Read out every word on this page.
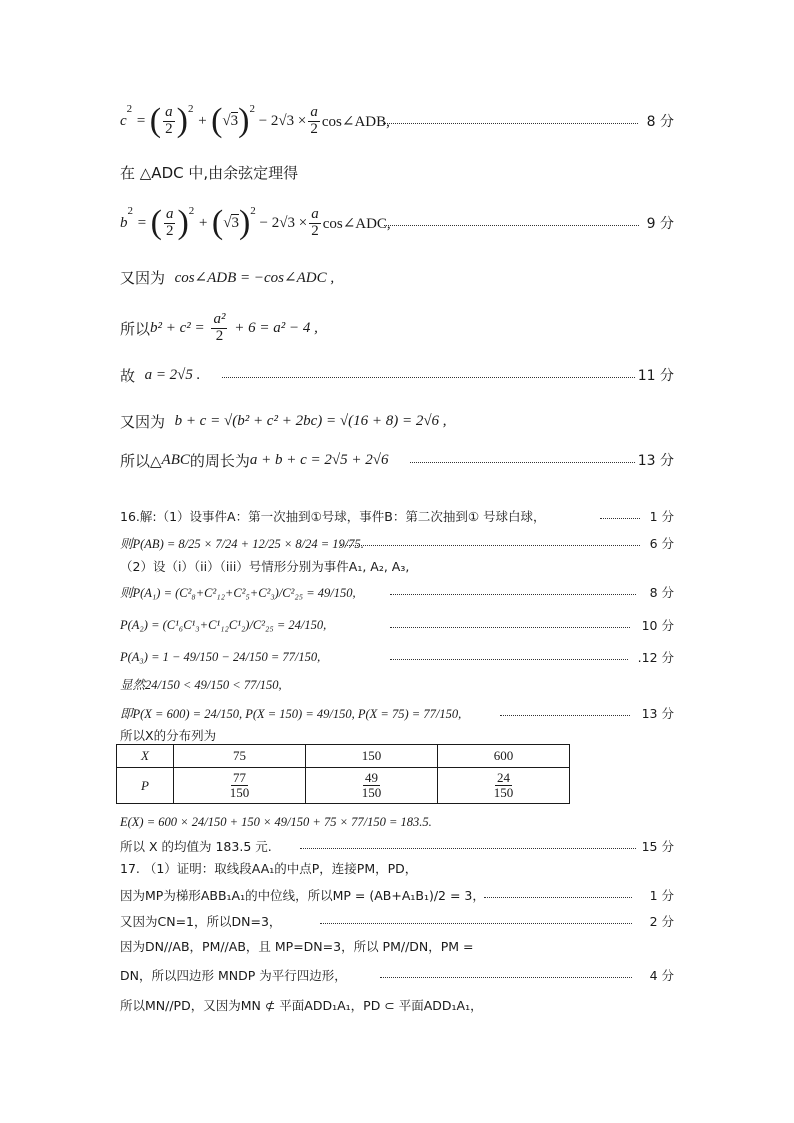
c
2
= ( $\frac{a}{2}$ ) 2
+ ( √ 3 ) 2

− $2√3 \times \frac{a}{2}$ cos∠ADB,	8 分
在 △ADC 中,由余弦定理得
b
2
= ( $\frac{a}{2}$ ) 2
+ ( √ 3 ) 2

− $2√3 \times \frac{a}{2}$ cos∠ADC,	9 分
又因为
cos∠ADB = −cos∠ADC ,
所以 b² + c² =
$\frac{\text{a²}}{2}$
+ 6 = a² − 4 ,
故
a = 2√5 .	11 分
又因为
b + c = √(b² + c² + 2bc) = √(16 + 8) = 2√6 ,
所以△ ABC 的周长为 a + b + c = 2√5 + 2√6	13 分
16.解:（1）设事件A：第一次抽到①号球，事件B：第二次抽到① 号球白球，	1 分
则P(AB) = 8/25 × 7/24 + 12/25 × 8/24 = 19/75.	6 分
（2）设（i）（ii）（iii）号情形分别为事件A₁, A₂, A₃,
则P(A₁) = (C²₈+C²₁₂+C²₅+C²₃)/C²₂₅ = 49/150,	8 分
P(A₂) = (C¹₆C¹₃+C¹₁₂C¹₂)/C²₂₅ = 24/150,	10 分
P(A₃) = 1 − 49/150 − 24/150 = 77/150,	.12 分
显然24/150 < 49/150 < 77/150,
即P(X = 600) = 24/150, P(X = 150) = 49/150, P(X = 75) = 77/150,	13 分
所以X的分布列为
X	75	150	600
P	$\frac{77}{150}$	$\frac{49}{150}$	$\frac{24}{150}$
E(X) = 600 × 24/150 + 150 × 49/150 + 75 × 77/150 = 183.5.
所以 X 的均值为 183.5 元.	15 分
17. （1）证明：取线段AA₁的中点P，连接PM，PD，
因为MP为梯形ABB₁A₁的中位线，所以MP = (AB+A₁B₁)/2 = 3，	1 分
又因为CN=1，所以DN=3，	2 分
因为DN//AB，PM//AB，且 MP=DN=3，所以 PM//DN，PM =
DN，所以四边形 MNDP 为平行四边形，	4 分
所以MN//PD，又因为MN ⊄ 平面ADD₁A₁，PD ⊂ 平面ADD₁A₁，
